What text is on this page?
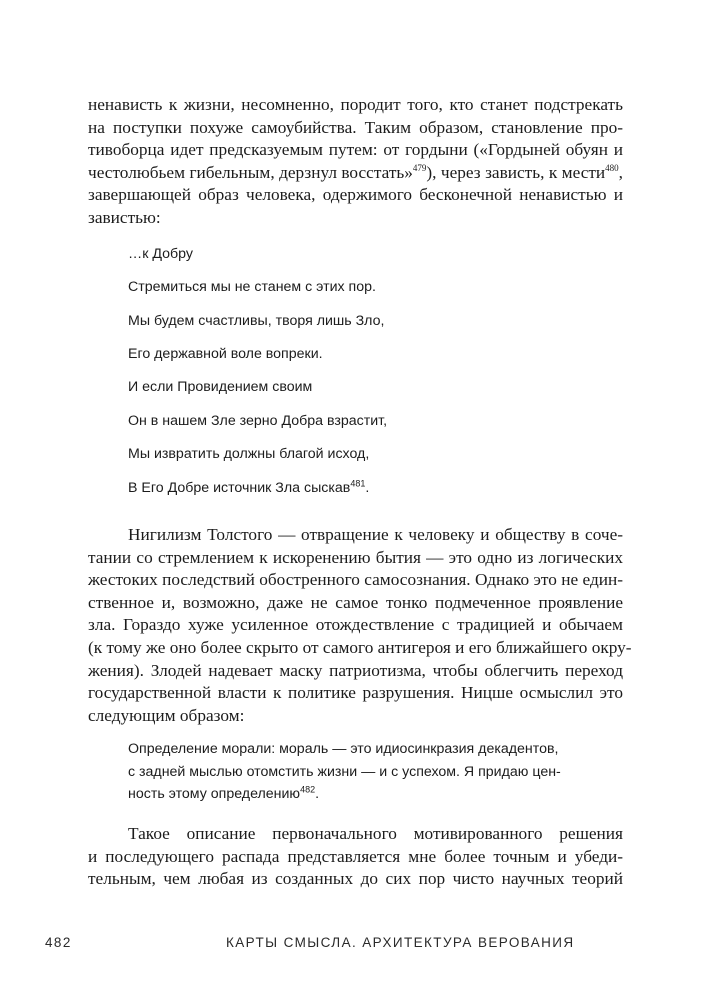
ненависть к жизни, несомненно, породит того, кто станет подстрекать
на поступки похуже самоубийства. Таким образом, становление про-
тивоборца идет предсказуемым путем: от гордыни («Гордыней обуян и
честолюбьем гибельным, дерзнул восстать»$^{479}$), через зависть, к мести$^{480}$,
завершающей образ человека, одержимого бесконечной ненавистью и
завистью:
…к Добру
Стремиться мы не станем с этих пор.
Мы будем счастливы, творя лишь Зло,
Его державной воле вопреки.
И если Провидением своим
Он в нашем Зле зерно Добра взрастит,
Мы извратить должны благой исход,
В Его Добре источник Зла сыскав$^{481}$.
Нигилизм Толстого — отвращение к человеку и обществу в соче-
тании со стремлением к искоренению бытия — это одно из логических
жестоких последствий обостренного самосознания. Однако это не един-
ственное и, возможно, даже не самое тонко подмеченное проявление
зла. Гораздо хуже усиленное отождествление с традицией и обычаем
(к тому же оно более скрыто от самого антигероя и его ближайшего окру-
жения). Злодей надевает маску патриотизма, чтобы облегчить переход
государственной власти к политике разрушения. Ницше осмыслил это
следующим образом:
Определение морали: мораль — это идиосинкразия декадентов,
с задней мыслью отомстить жизни — и с успехом. Я придаю цен-
ность этому определению$^{482}$.
Такое описание первоначального мотивированного решения
и последующего распада представляется мне более точным и убеди-
тельным, чем любая из созданных до сих пор чисто научных теорий
482	КАРТЫ СМЫСЛА. АРХИТЕКТУРА ВЕРОВАНИЯ
